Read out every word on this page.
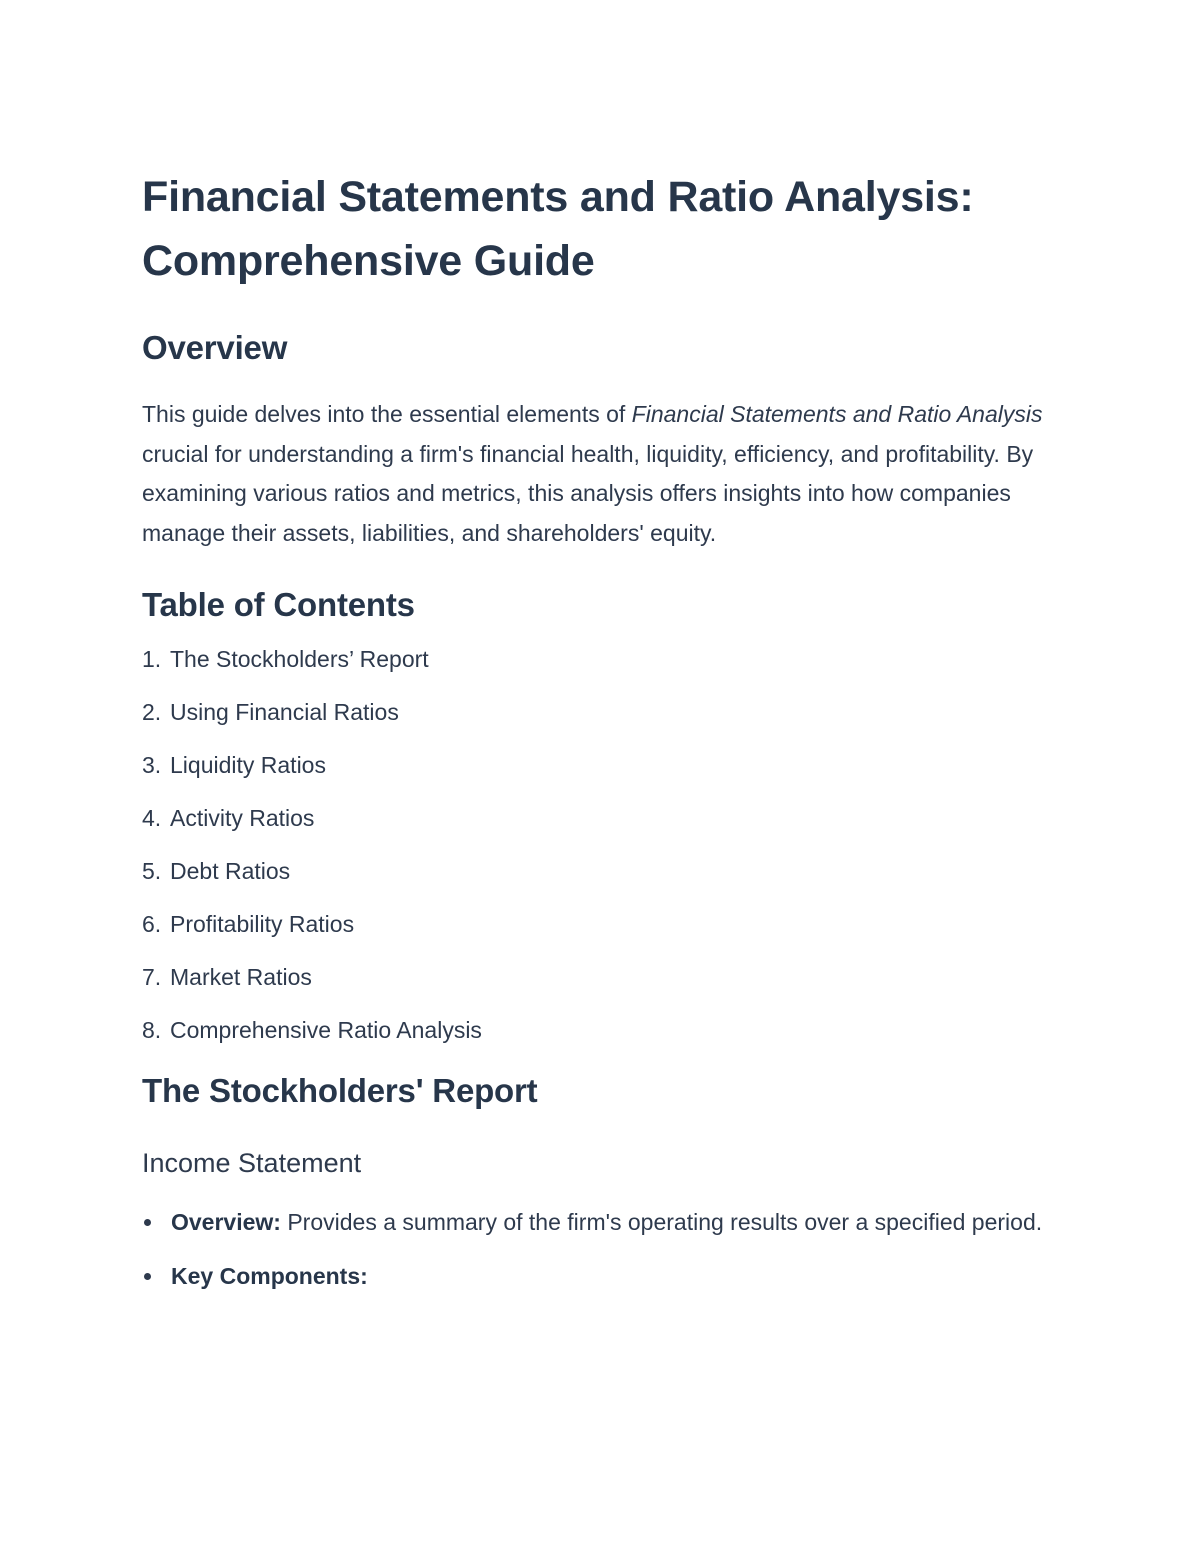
Financial Statements and Ratio Analysis: Comprehensive Guide
Overview

This guide delves into the essential elements of Financial Statements and Ratio Analysis crucial for understanding a firm's financial health, liquidity, efficiency, and profitability. By examining various ratios and metrics, this analysis offers insights into how companies manage their assets, liabilities, and shareholders' equity.

Table of Contents
1. The Stockholders’ Report
2. Using Financial Ratios
3. Liquidity Ratios
4. Activity Ratios
5. Debt Ratios
6. Profitability Ratios
7. Market Ratios
8. Comprehensive Ratio Analysis
The Stockholders' Report
Income Statement
Overview: Provides a summary of the firm's operating results over a specified period.
Key Components:
